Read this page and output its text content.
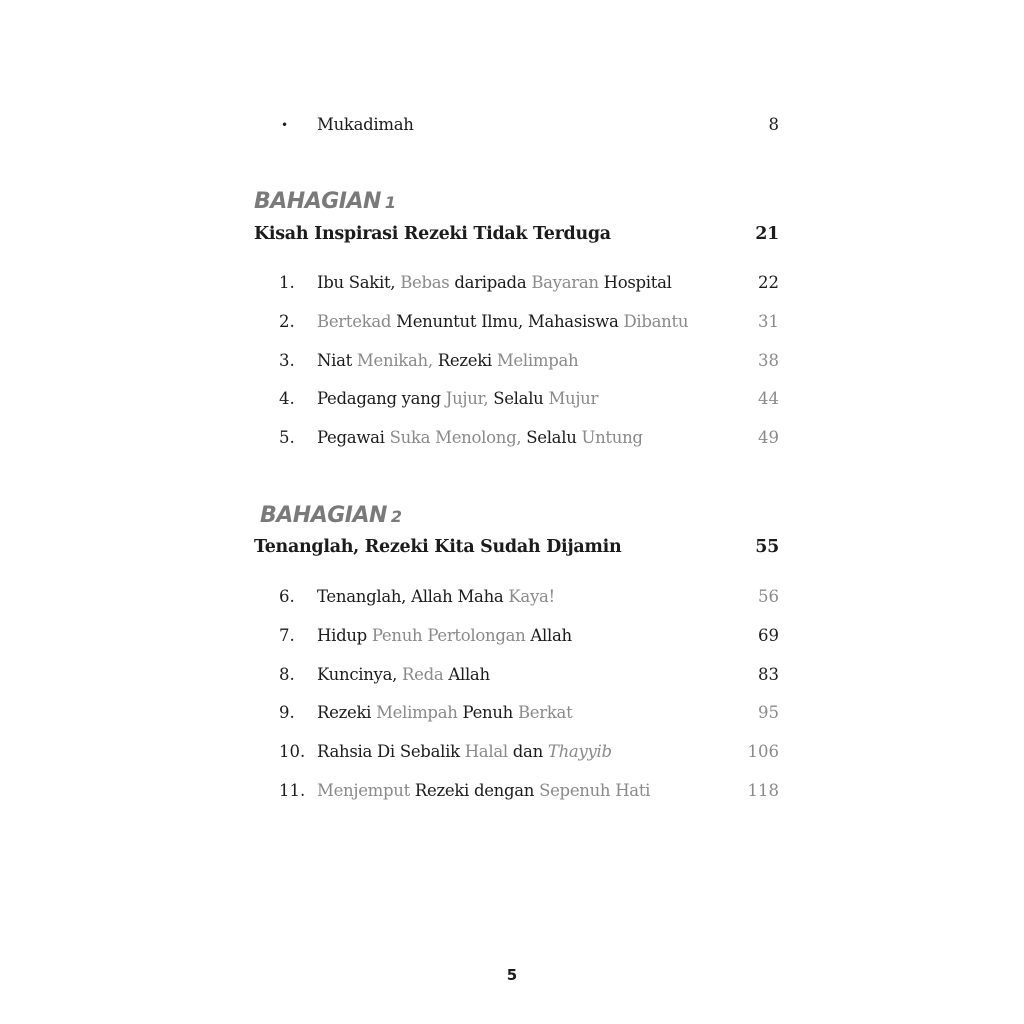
• Mukadimah	8
BAHAGIAN 1
Kisah Inspirasi Rezeki Tidak Terduga	21
1. Ibu Sakit, Bebas daripada Bayaran Hospital	22
2. Bertekad Menuntut Ilmu, Mahasiswa Dibantu	31
3. Niat Menikah, Rezeki Melimpah	38
4. Pedagang yang Jujur, Selalu Mujur	44
5. Pegawai Suka Menolong, Selalu Untung	49
BAHAGIAN 2
Tenanglah, Rezeki Kita Sudah Dijamin	55
6. Tenanglah, Allah Maha Kaya!	56
7. Hidup Penuh Pertolongan Allah	69
8. Kuncinya, Reda Allah	83
9. Rezeki Melimpah Penuh Berkat	95
10. Rahsia Di Sebalik Halal dan Thayyib	106
11. Menjemput Rezeki dengan Sepenuh Hati	118
5
